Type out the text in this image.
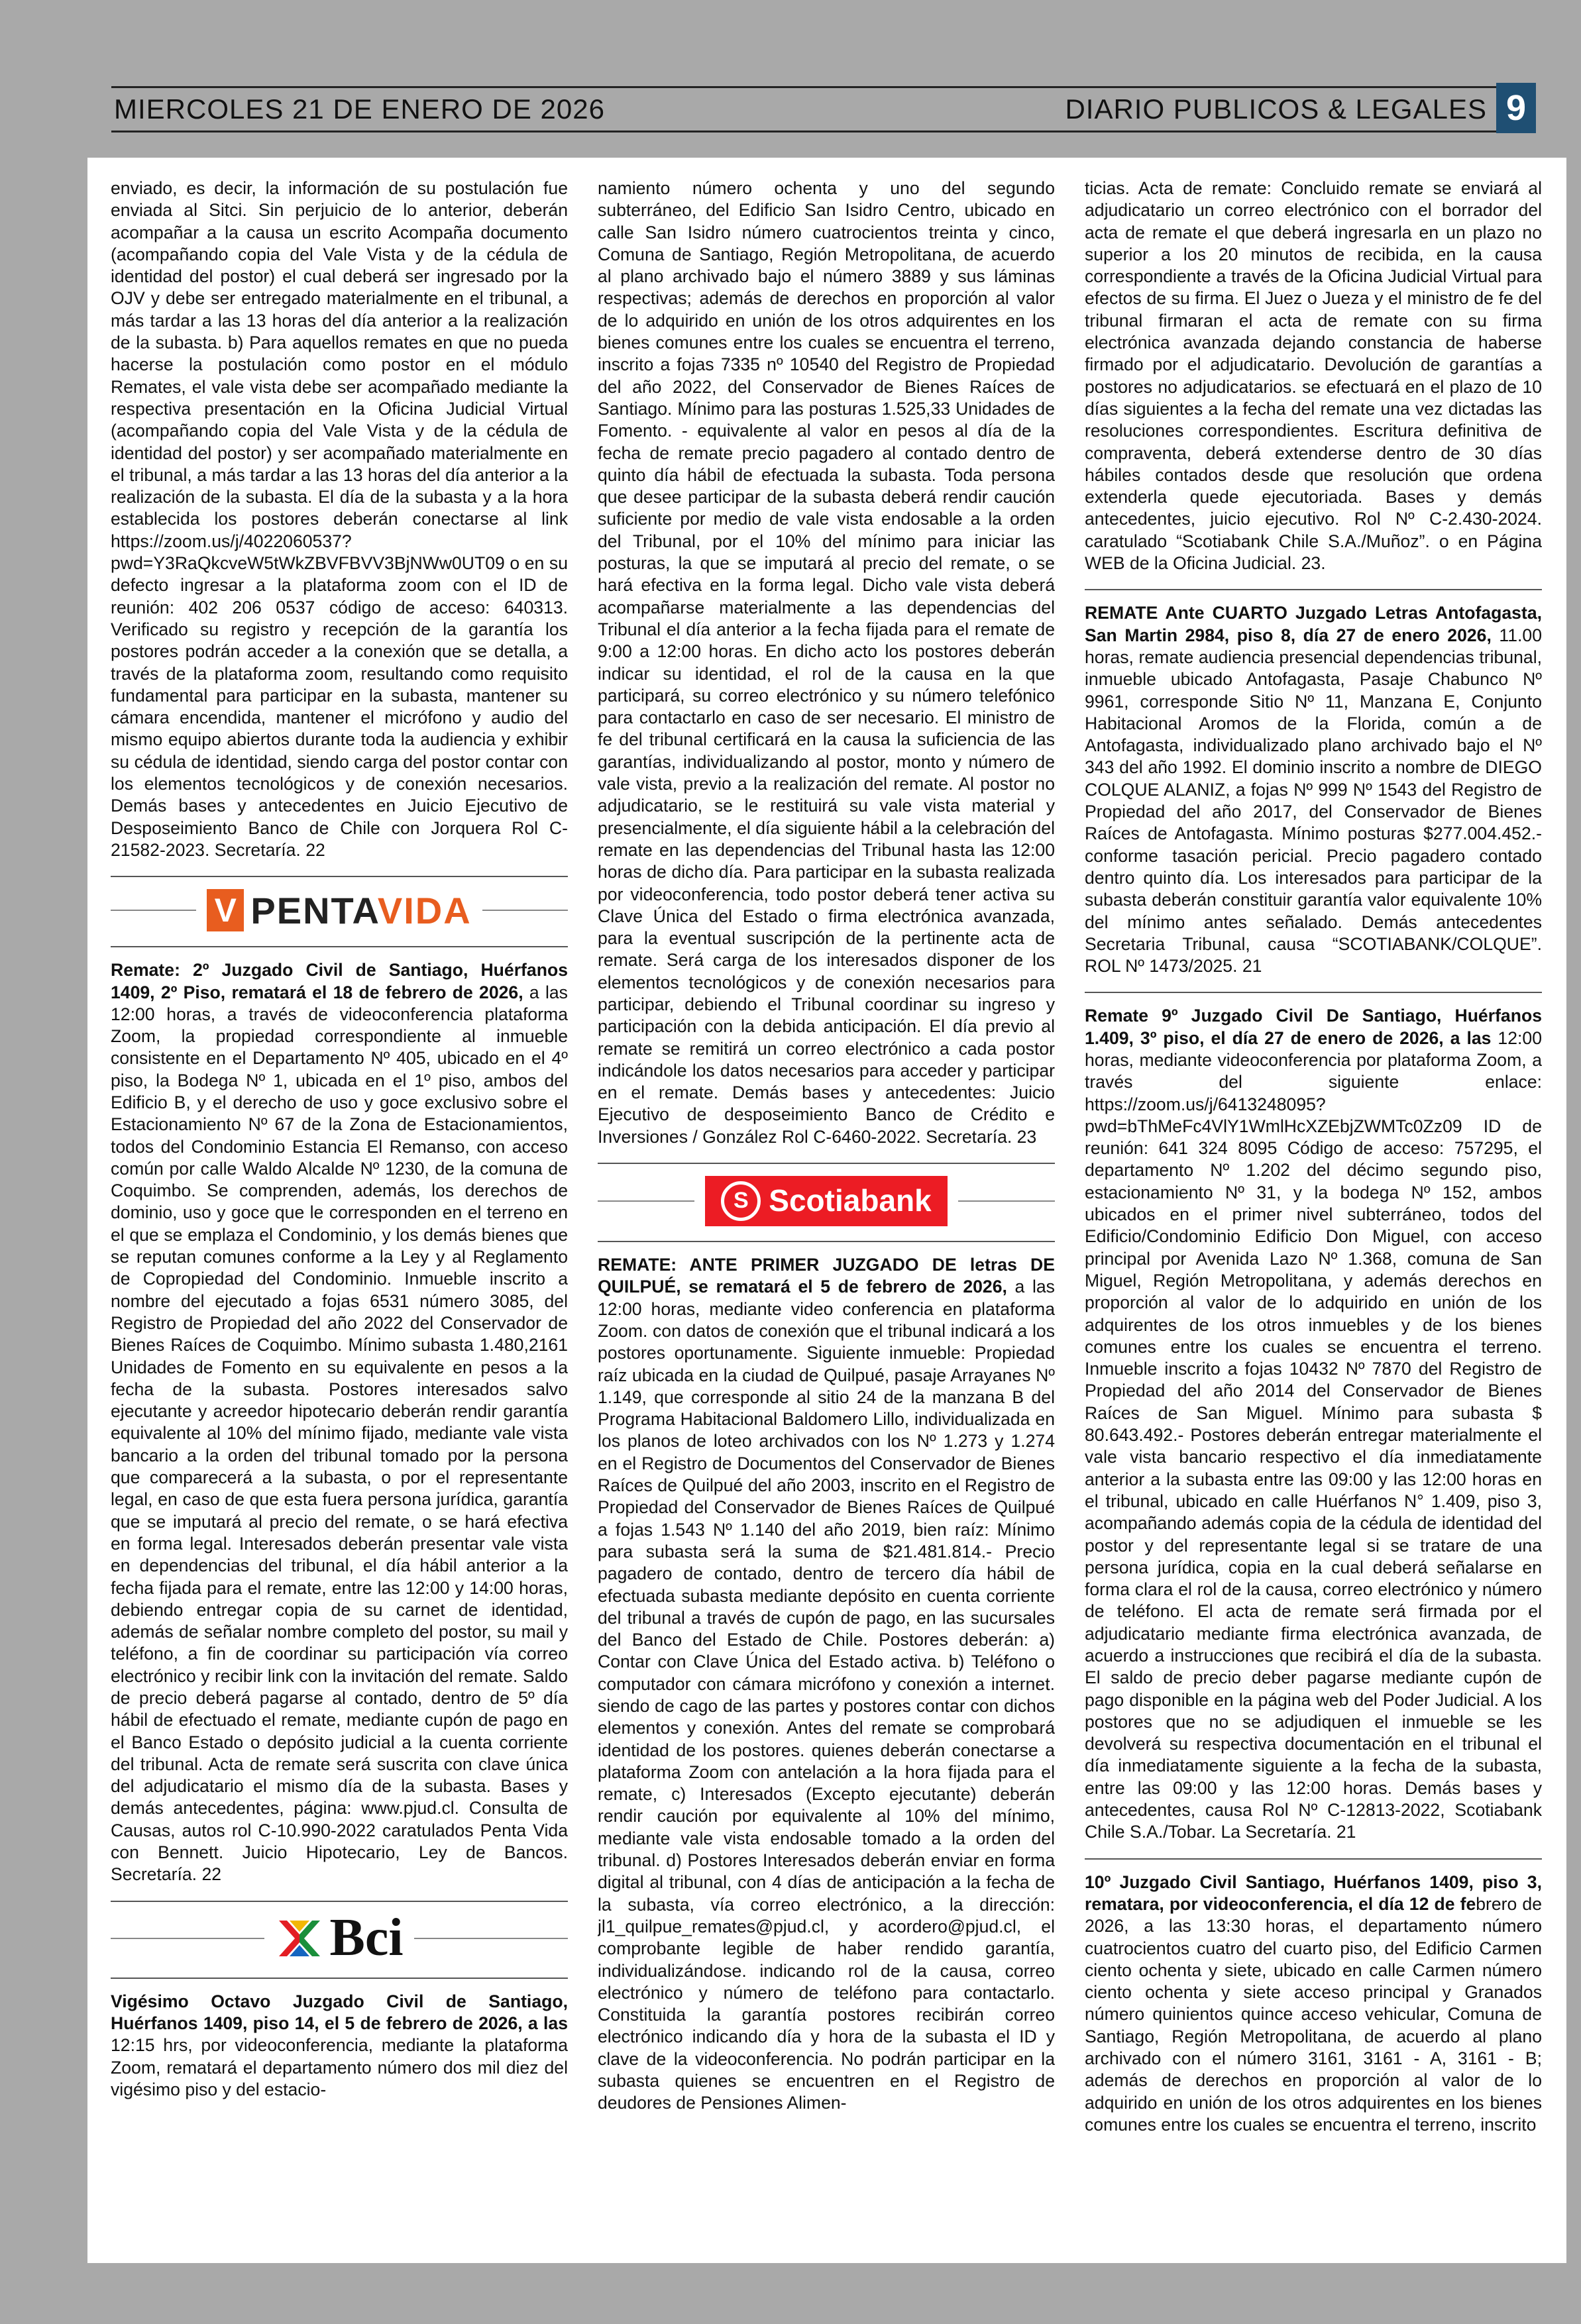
MIERCOLES 21 DE ENERO DE 2026	DIARIO PUBLICOS & LEGALES 9

enviado, es decir, la información de su postulación fue enviada al Sitci. Sin perjuicio de lo anterior, deberán acompañar a la causa un escrito Acompaña documento (acompañando copia del Vale Vista y de la cédula de identidad del postor) el cual deberá ser ingresado por la OJV y debe ser entregado materialmente en el tribunal, a más tardar a las 13 horas del día anterior a la realización de la subasta. b) Para aquellos remates en que no pueda hacerse la postulación como postor en el módulo Remates, el vale vista debe ser acompañado mediante la respectiva presentación en la Oficina Judicial Virtual (acompañando copia del Vale Vista y de la cédula de identidad del postor) y ser acompañado materialmente en el tribunal, a más tardar a las 13 horas del día anterior a la realización de la subasta. El día de la subasta y a la hora establecida los postores deberán conectarse al link https://zoom.us/j/4022060537?pwd=Y3RaQkcveW5tWkZBVFBVV3BjNWw0UT09 o en su defecto ingresar a la plataforma zoom con el ID de reunión: 402 206 0537 código de acceso: 640313. Verificado su registro y recepción de la garantía los postores podrán acceder a la conexión que se detalla, a través de la plataforma zoom, resultando como requisito fundamental para participar en la subasta, mantener su cámara encendida, mantener el micrófono y audio del mismo equipo abiertos durante toda la audiencia y exhibir su cédula de identidad, siendo carga del postor contar con los elementos tecnológicos y de conexión necesarios. Demás bases y antecedentes en Juicio Ejecutivo de Desposeimiento Banco de Chile con Jorquera Rol C-21582-2023. Secretaría. 22

V PENTAVIDA

Remate: 2º Juzgado Civil de Santiago, Huérfanos 1409, 2º Piso, rematará el 18 de febrero de 2026, a las 12:00 horas, a través de videoconferencia plataforma Zoom, la propiedad correspondiente al inmueble consistente en el Departamento Nº 405, ubicado en el 4º piso, la Bodega Nº 1, ubicada en el 1º piso, ambos del Edificio B, y el derecho de uso y goce exclusivo sobre el Estacionamiento Nº 67 de la Zona de Estacionamientos, todos del Condominio Estancia El Remanso, con acceso común por calle Waldo Alcalde Nº 1230, de la comuna de Coquimbo. Se comprenden, además, los derechos de dominio, uso y goce que le corresponden en el terreno en el que se emplaza el Condominio, y los demás bienes que se reputan comunes conforme a la Ley y al Reglamento de Copropiedad del Condominio. Inmueble inscrito a nombre del ejecutado a fojas 6531 número 3085, del Registro de Propiedad del año 2022 del Conservador de Bienes Raíces de Coquimbo. Mínimo subasta 1.480,2161 Unidades de Fomento en su equivalente en pesos a la fecha de la subasta. Postores interesados salvo ejecutante y acreedor hipotecario deberán rendir garantía equivalente al 10% del mínimo fijado, mediante vale vista bancario a la orden del tribunal tomado por la persona que comparecerá a la subasta, o por el representante legal, en caso de que esta fuera persona jurídica, garantía que se imputará al precio del remate, o se hará efectiva en forma legal. Interesados deberán presentar vale vista en dependencias del tribunal, el día hábil anterior a la fecha fijada para el remate, entre las 12:00 y 14:00 horas, debiendo entregar copia de su carnet de identidad, además de señalar nombre completo del postor, su mail y teléfono, a fin de coordinar su participación vía correo electrónico y recibir link con la invitación del remate. Saldo de precio deberá pagarse al contado, dentro de 5º día hábil de efectuado el remate, mediante cupón de pago en el Banco Estado o depósito judicial a la cuenta corriente del tribunal. Acta de remate será suscrita con clave única del adjudicatario el mismo día de la subasta. Bases y demás antecedentes, página: www.pjud.cl. Consulta de Causas, autos rol C-10.990-2022 caratulados Penta Vida con Bennett. Juicio Hipotecario, Ley de Bancos. Secretaría. 22

Bci

Vigésimo Octavo Juzgado Civil de Santiago, Huérfanos 1409, piso 14, el 5 de febrero de 2026, a las 12:15 hrs, por videoconferencia, mediante la plataforma Zoom, rematará el departamento número dos mil diez del vigésimo piso y del estacio-

namiento número ochenta y uno del segundo subterráneo, del Edificio San Isidro Centro, ubicado en calle San Isidro número cuatrocientos treinta y cinco, Comuna de Santiago, Región Metropolitana, de acuerdo al plano archivado bajo el número 3889 y sus láminas respectivas; además de derechos en proporción al valor de lo adquirido en unión de los otros adquirentes en los bienes comunes entre los cuales se encuentra el terreno, inscrito a fojas 7335 nº 10540 del Registro de Propiedad del año 2022, del Conservador de Bienes Raíces de Santiago. Mínimo para las posturas 1.525,33 Unidades de Fomento. - equivalente al valor en pesos al día de la fecha de remate precio pagadero al contado dentro de quinto día hábil de efectuada la subasta. Toda persona que desee participar de la subasta deberá rendir caución suficiente por medio de vale vista endosable a la orden del Tribunal, por el 10% del mínimo para iniciar las posturas, la que se imputará al precio del remate, o se hará efectiva en la forma legal. Dicho vale vista deberá acompañarse materialmente a las dependencias del Tribunal el día anterior a la fecha fijada para el remate de 9:00 a 12:00 horas. En dicho acto los postores deberán indicar su identidad, el rol de la causa en la que participará, su correo electrónico y su número telefónico para contactarlo en caso de ser necesario. El ministro de fe del tribunal certificará en la causa la suficiencia de las garantías, individualizando al postor, monto y número de vale vista, previo a la realización del remate. Al postor no adjudicatario, se le restituirá su vale vista material y presencialmente, el día siguiente hábil a la celebración del remate en las dependencias del Tribunal hasta las 12:00 horas de dicho día. Para participar en la subasta realizada por videoconferencia, todo postor deberá tener activa su Clave Única del Estado o firma electrónica avanzada, para la eventual suscripción de la pertinente acta de remate. Será carga de los interesados disponer de los elementos tecnológicos y de conexión necesarios para participar, debiendo el Tribunal coordinar su ingreso y participación con la debida anticipación. El día previo al remate se remitirá un correo electrónico a cada postor indicándole los datos necesarios para acceder y participar en el remate. Demás bases y antecedentes: Juicio Ejecutivo de desposeimiento Banco de Crédito e Inversiones / González Rol C-6460-2022. Secretaría. 23

S Scotiabank

REMATE: ANTE PRIMER JUZGADO DE letras DE QUILPUÉ, se rematará el 5 de febrero de 2026, a las 12:00 horas, mediante video conferencia en plataforma Zoom. con datos de conexión que el tribunal indicará a los postores oportunamente. Siguiente inmueble: Propiedad raíz ubicada en la ciudad de Quilpué, pasaje Arrayanes Nº 1.149, que corresponde al sitio 24 de la manzana B del Programa Habitacional Baldomero Lillo, individualizada en los planos de loteo archivados con los Nº 1.273 y 1.274 en el Registro de Documentos del Conservador de Bienes Raíces de Quilpué del año 2003, inscrito en el Registro de Propiedad del Conservador de Bienes Raíces de Quilpué a fojas 1.543 Nº 1.140 del año 2019, bien raíz: Mínimo para subasta será la suma de $21.481.814.- Precio pagadero de contado, dentro de tercero día hábil de efectuada subasta mediante depósito en cuenta corriente del tribunal a través de cupón de pago, en las sucursales del Banco del Estado de Chile. Postores deberán: a) Contar con Clave Única del Estado activa. b) Teléfono o computador con cámara micrófono y conexión a internet. siendo de cago de las partes y postores contar con dichos elementos y conexión. Antes del remate se comprobará identidad de los postores. quienes deberán conectarse a plataforma Zoom con antelación a la hora fijada para el remate, c) Interesados (Excepto ejecutante) deberán rendir caución por equivalente al 10% del mínimo, mediante vale vista endosable tomado a la orden del tribunal. d) Postores Interesados deberán enviar en forma digital al tribunal, con 4 días de anticipación a la fecha de la subasta, vía correo electrónico, a la dirección: jl1_quilpue_remates@pjud.cl, y acordero@pjud.cl, el comprobante legible de haber rendido garantía, individualizándose. indicando rol de la causa, correo electrónico y número de teléfono para contactarlo. Constituida la garantía postores recibirán correo electrónico indicando día y hora de la subasta el ID y clave de la videoconferencia. No podrán participar en la subasta quienes se encuentren en el Registro de deudores de Pensiones Alimen-

ticias. Acta de remate: Concluido remate se enviará al adjudicatario un correo electrónico con el borrador del acta de remate el que deberá ingresarla en un plazo no superior a los 20 minutos de recibida, en la causa correspondiente a través de la Oficina Judicial Virtual para efectos de su firma. El Juez o Jueza y el ministro de fe del tribunal firmaran el acta de remate con su firma electrónica avanzada dejando constancia de haberse firmado por el adjudicatario. Devolución de garantías a postores no adjudicatarios. se efectuará en el plazo de 10 días siguientes a la fecha del remate una vez dictadas las resoluciones correspondientes. Escritura definitiva de compraventa, deberá extenderse dentro de 30 días hábiles contados desde que resolución que ordena extenderla quede ejecutoriada. Bases y demás antecedentes, juicio ejecutivo. Rol Nº C-2.430-2024. caratulado “Scotiabank Chile S.A./Muñoz”. o en Página WEB de la Oficina Judicial. 23.

REMATE Ante CUARTO Juzgado Letras Antofagasta, San Martin 2984, piso 8, día 27 de enero 2026, 11.00 horas, remate audiencia presencial dependencias tribunal, inmueble ubicado Antofagasta, Pasaje Chabunco Nº 9961, corresponde Sitio Nº 11, Manzana E, Conjunto Habitacional Aromos de la Florida, común a de Antofagasta, individualizado plano archivado bajo el Nº 343 del año 1992. El dominio inscrito a nombre de DIEGO COLQUE ALANIZ, a fojas Nº 999 Nº 1543 del Registro de Propiedad del año 2017, del Conservador de Bienes Raíces de Antofagasta. Mínimo posturas $277.004.452.- conforme tasación pericial. Precio pagadero contado dentro quinto día. Los interesados para participar de la subasta deberán constituir garantía valor equivalente 10% del mínimo antes señalado. Demás antecedentes Secretaria Tribunal, causa “SCOTIABANK/COLQUE”. ROL Nº 1473/2025. 21

Remate 9º Juzgado Civil De Santiago, Huérfanos 1.409, 3º piso, el día 27 de enero de 2026, a las 12:00 horas, mediante videoconferencia por plataforma Zoom, a través del siguiente enlace: https://zoom.us/j/6413248095?pwd=bThMeFc4VlY1WmlHcXZEbjZWMTc0Zz09 ID de reunión: 641 324 8095 Código de acceso: 757295, el departamento Nº 1.202 del décimo segundo piso, estacionamiento Nº 31, y la bodega Nº 152, ambos ubicados en el primer nivel subterráneo, todos del Edificio/Condominio Edificio Don Miguel, con acceso principal por Avenida Lazo Nº 1.368, comuna de San Miguel, Región Metropolitana, y además derechos en proporción al valor de lo adquirido en unión de los adquirentes de los otros inmuebles y de los bienes comunes entre los cuales se encuentra el terreno. Inmueble inscrito a fojas 10432 Nº 7870 del Registro de Propiedad del año 2014 del Conservador de Bienes Raíces de San Miguel. Mínimo para subasta $ 80.643.492.- Postores deberán entregar materialmente el vale vista bancario respectivo el día inmediatamente anterior a la subasta entre las 09:00 y las 12:00 horas en el tribunal, ubicado en calle Huérfanos N° 1.409, piso 3, acompañando además copia de la cédula de identidad del postor y del representante legal si se tratare de una persona jurídica, copia en la cual deberá señalarse en forma clara el rol de la causa, correo electrónico y número de teléfono. El acta de remate será firmada por el adjudicatario mediante firma electrónica avanzada, de acuerdo a instrucciones que recibirá el día de la subasta. El saldo de precio deber pagarse mediante cupón de pago disponible en la página web del Poder Judicial. A los postores que no se adjudiquen el inmueble se les devolverá su respectiva documentación en el tribunal el día inmediatamente siguiente a la fecha de la subasta, entre las 09:00 y las 12:00 horas. Demás bases y antecedentes, causa Rol Nº C-12813-2022, Scotiabank Chile S.A./Tobar. La Secretaría. 21

10º Juzgado Civil Santiago, Huérfanos 1409, piso 3, rematara, por videoconferencia, el día 12 de febrero de 2026, a las 13:30 horas, el departamento número cuatrocientos cuatro del cuarto piso, del Edificio Carmen ciento ochenta y siete, ubicado en calle Carmen número ciento ochenta y siete acceso principal y Granados número quinientos quince acceso vehicular, Comuna de Santiago, Región Metropolitana, de acuerdo al plano archivado con el número 3161, 3161 - A, 3161 - B; además de derechos en proporción al valor de lo adquirido en unión de los otros adquirentes en los bienes comunes entre los cuales se encuentra el terreno, inscrito
